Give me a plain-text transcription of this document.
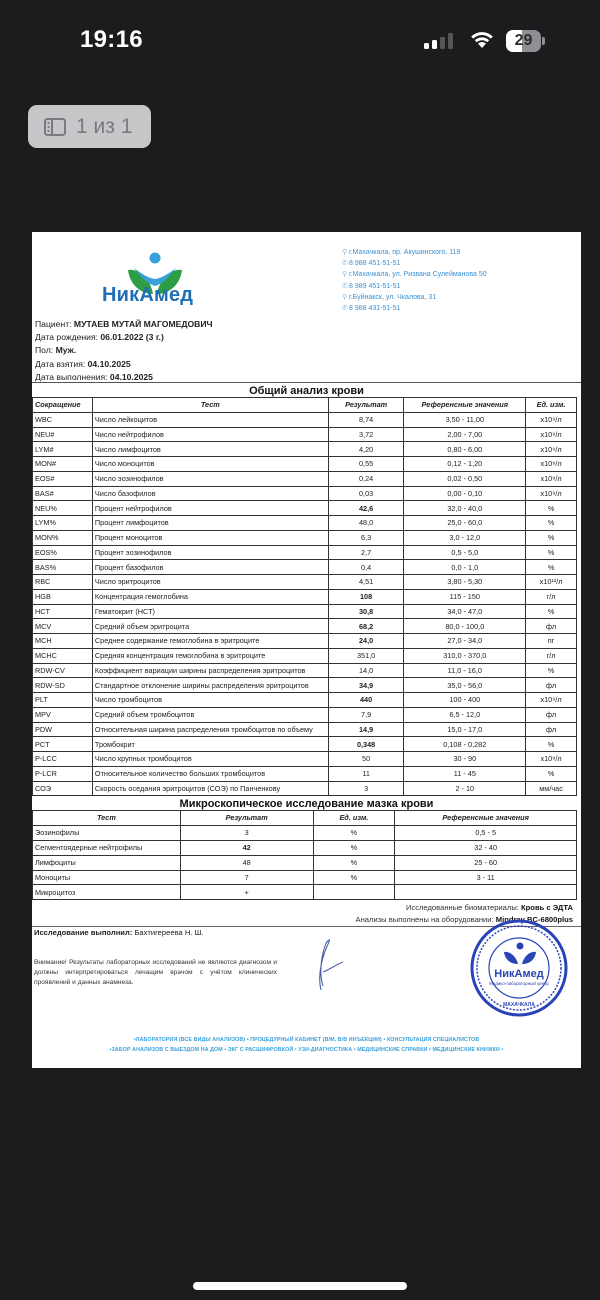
19:16	29
1 из 1
НикАмед
⚲ г.Махачкала, пр. Акушинского, 119
✆8 988 451-51-51
⚲ г.Махачкала, ул. Ризвана Сулейманова 50
✆8 989 451-51-51
⚲ г.Буйнакск, ул. Чкалова, 31
✆8 988 431-51-51
Пациент: МУТАЕВ МУТАЙ МАГОМЕДОВИЧ
Дата рождения: 06.01.2022 (3 г.)
Пол: Муж.
Дата взятия: 04.10.2025
Дата выполнения: 04.10.2025
Общий анализ крови
Сокращение	Тест	Результат	Референсные значения	Ед. изм.
WBC	Число лейкоцитов	8,74	3,50 - 11,00	x10⁹/л
NEU#	Число нейтрофилов	3,72	2,00 - 7,00	x10⁹/л
LYM#	Число лимфоцитов	4,20	0,80 - 6,00	x10⁹/л
MON#	Число моноцитов	0,55	0,12 - 1,20	x10⁹/л
EOS#	Число эозинофилов	0,24	0,02 - 0,50	x10⁹/л
BAS#	Число базофилов	0,03	0,00 - 0,10	x10⁹/л
NEU%	Процент нейтрофилов	42,6	32,0 - 40,0	%
LYM%	Процент лимфоцитов	48,0	25,0 - 60,0	%
MON%	Процент моноцитов	6,3	3,0 - 12,0	%
EOS%	Процент эозинофилов	2,7	0,5 - 5,0	%
BAS%	Процент базофилов	0,4	0,0 - 1,0	%
RBC	Число эритроцитов	4,51	3,80 - 5,30	x10¹²/л
HGB	Концентрация гемоглобина	108	115 - 150	г/л
HCT	Гематокрит (НСТ)	30,8	34,0 - 47,0	%
MCV	Средний объем эритроцита	68,2	80,0 - 100,0	фл
MCH	Среднее содержание гемоглобина в эритроците	24,0	27,0 - 34,0	пг
MCHC	Средняя концентрация гемоглобина в эритроците	351,0	310,0 - 370,0	г/л
RDW-CV	Коэффициент вариации ширины распределения эритроцитов	14,0	11,0 - 16,0	%
RDW-SD	Стандартное отклонение ширины распределения эритроцитов	34,9	35,0 - 56,0	фл
PLT	Число тромбоцитов	440	100 - 400	x10⁹/л
MPV	Средний объем тромбоцитов	7,9	6,5 - 12,0	фл
PDW	Относительная ширина распределения тромбоцитов по объему	14,9	15,0 - 17,0	фл
PCT	Тромбокрит	0,348	0,108 - 0,282	%
P-LCC	Число крупных тромбоцитов	50	30 - 90	x10⁹/л
P-LCR	Относительное количество больших тромбоцитов	11	11 - 45	%
СОЭ	Скорость оседания эритроцитов (СОЭ) по Панченкову	3	2 - 10	мм/час
Микроскопическое исследование мазка крови
Тест	Результат	Ед. изм.	Референсные значения
Эозинофилы	3	%	0,5 - 5
Сегментоядерные нейтрофилы	42	%	32 - 40
Лимфоциты	48	%	25 - 60
Моноциты	7	%	3 - 11
Микроцитоз	+		
Исследованные биоматериалы: Кровь с ЭДТА
Анализы выполнены на оборудовании: Mindray BC-6800plus
Исследование выполнил: Бахтигереева Н. Ш.
Внимание! Результаты лабораторных исследований не являются диагнозом и должны интерпретироваться лечащим врачом с учётом клинических проявлений и данных анамнеза.
НикАмед
Медико-лабораторный центр
МАХАЧКАЛА
•ЛАБОРАТОРИЯ (ВСЕ ВИДЫ АНАЛИЗОВ) • ПРОЦЕДУРНЫЙ КАБИНЕТ (В/М, В/В ИНЪЕКЦИИ) • КОНСУЛЬТАЦИЯ СПЕЦИАЛИСТОВ
•ЗАБОР АНАЛИЗОВ С ВЫЕЗДОМ НА ДОМ • ЭКГ С РАСШИФРОВКОЙ • УЗИ-ДИАГНОСТИКА • МЕДИЦИНСКИЕ СПРАВКИ • МЕДИЦИНСКИЕ КНИЖКИ •
